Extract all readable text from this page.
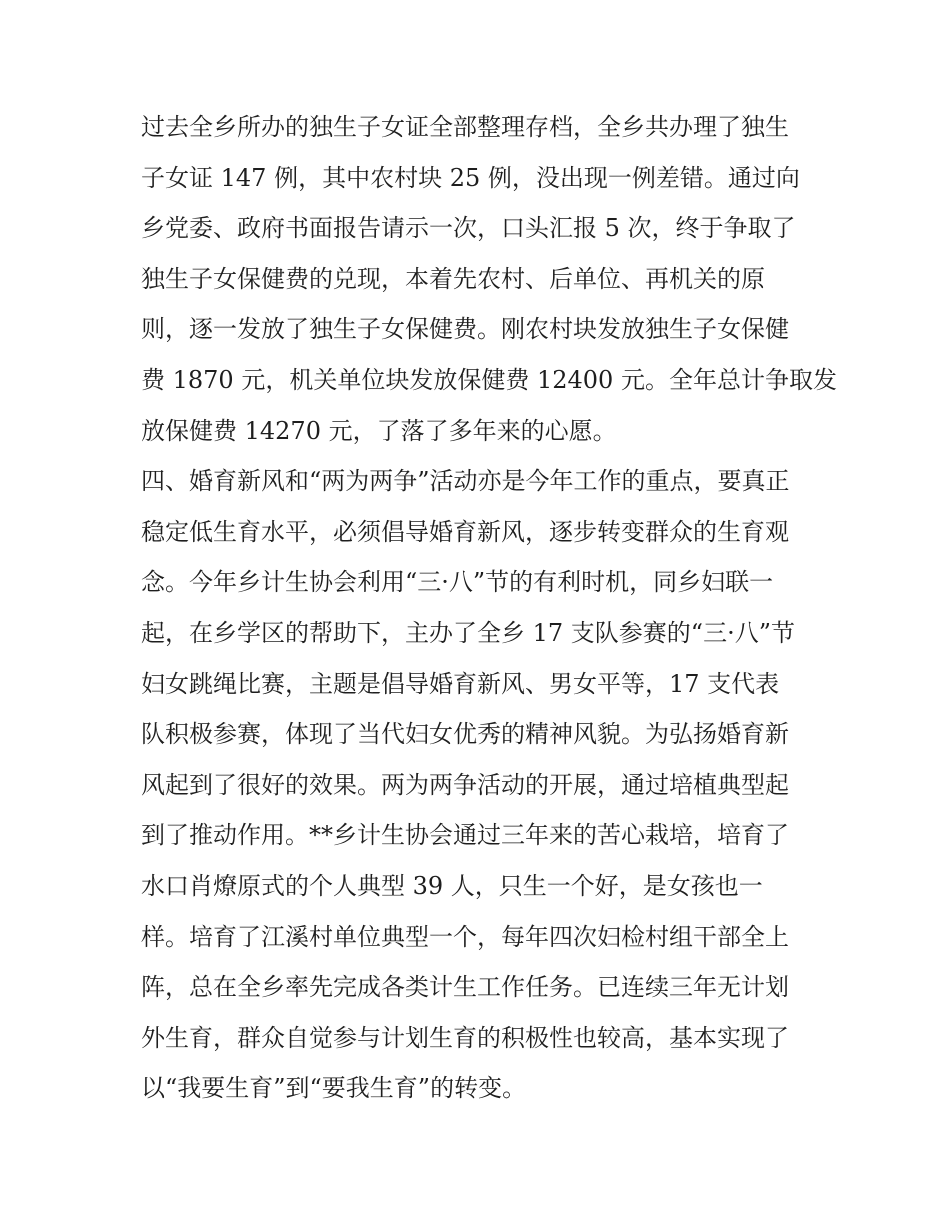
过去全乡所办的独生子女证全部整理存档，全乡共办理了独生
子女证 147 例，其中农村块 25 例，没出现一例差错。通过向
乡党委、政府书面报告请示一次，口头汇报 5 次，终于争取了
独生子女保健费的兑现，本着先农村、后单位、再机关的原
则，逐一发放了独生子女保健费。刚农村块发放独生子女保健
费 1870 元，机关单位块发放保健费 12400 元。全年总计争取发
放保健费 14270 元，了落了多年来的心愿。
四、婚育新风和“两为两争”活动亦是今年工作的重点，要真正
稳定低生育水平，必须倡导婚育新风，逐步转变群众的生育观
念。今年乡计生协会利用“三·八”节的有利时机，同乡妇联一
起，在乡学区的帮助下，主办了全乡 17 支队参赛的“三·八”节
妇女跳绳比赛，主题是倡导婚育新风、男女平等，17 支代表
队积极参赛，体现了当代妇女优秀的精神风貌。为弘扬婚育新
风起到了很好的效果。两为两争活动的开展，通过培植典型起
到了推动作用。**乡计生协会通过三年来的苦心栽培，培育了
水口肖燎原式的个人典型 39 人，只生一个好，是女孩也一
样。培育了江溪村单位典型一个，每年四次妇检村组干部全上
阵，总在全乡率先完成各类计生工作任务。已连续三年无计划
外生育，群众自觉参与计划生育的积极性也较高，基本实现了
以“我要生育”到“要我生育”的转变。
